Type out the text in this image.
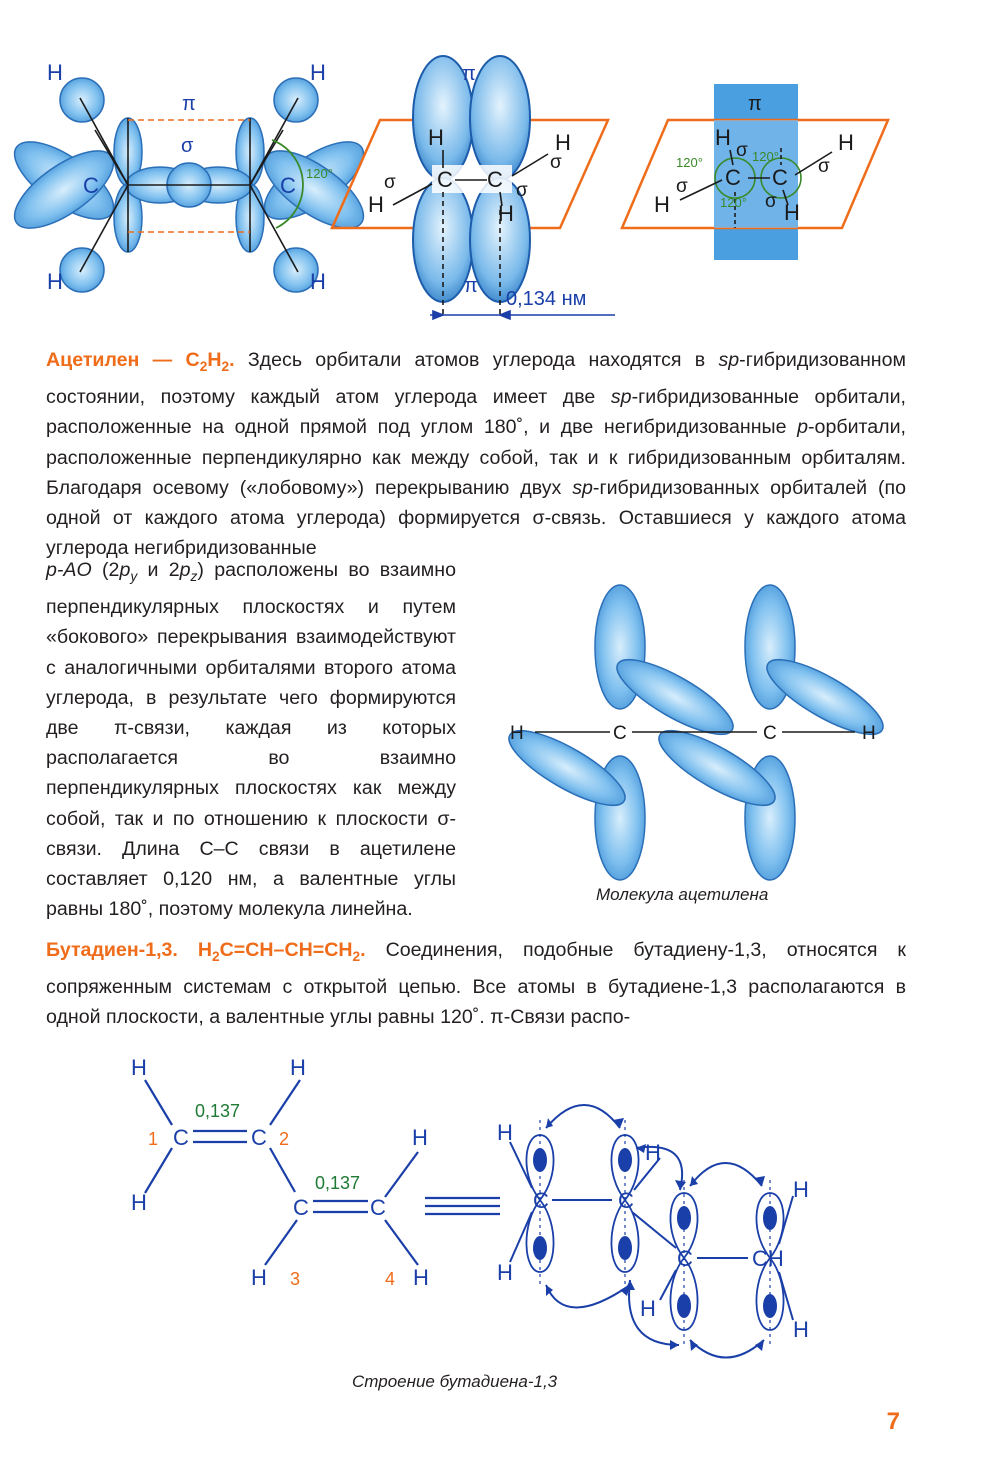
H	H
H	H
C	C
π
σ
120°
π
π
H	H
H	H
C C
σ
σ
σ
0,134 нм
π
H	H
H	H
C C
σ
σ
σ
σ
120°	120°
120°
H	C	C	H
H	H
C	C
H	C	C
H
H	H
0,137
0,137
1	2
3	4
H
H
H
H
H
H
C	C
C	CH
Ацетилен — $C_2H_2$. Здесь орбитали атомов углерода находятся в sp-гибридизованном состоянии, поэтому каждый атом углерода имеет две sp-гибридизованные орбитали, расположенные на одной прямой под углом 180˚, и две негибридизованные p-орбитали, расположенные перпендикулярно как между собой, так и к гибридизованным орбиталям. Благодаря осевому («лобовому») перекрыванию двух sp-гибридизованных орбиталей (по одной от каждого атома углерода) формируется σ-связь. Оставшиеся у каждого атома углерода негибридизованные
p-AO ($2p_y$ и $2p_z$) расположены во взаимно перпендикулярных плоскостях и путем «бокового» перекрывания взаимодействуют с аналогичными орбиталями второго атома углерода, в результате чего формируются две π-связи, каждая из которых располагается во взаимно перпендикулярных плоскостях как между собой, так и по отношению к плоскости σ-связи. Длина C–C связи в ацетилене составляет 0,120 нм, а валентные углы равны 180˚, поэтому молекула линейна.
Молекула ацетилена
Бутадиен-1,3. $H_2C=CH-CH=CH_2$. Соединения, подобные бутадиену-1,3, относятся к сопряженным системам с открытой цепью. Все атомы в бутадиене-1,3 располагаются в одной плоскости, а валентные углы равны 120˚. π-Связи распо-
Строение бутадиена-1,3
7
